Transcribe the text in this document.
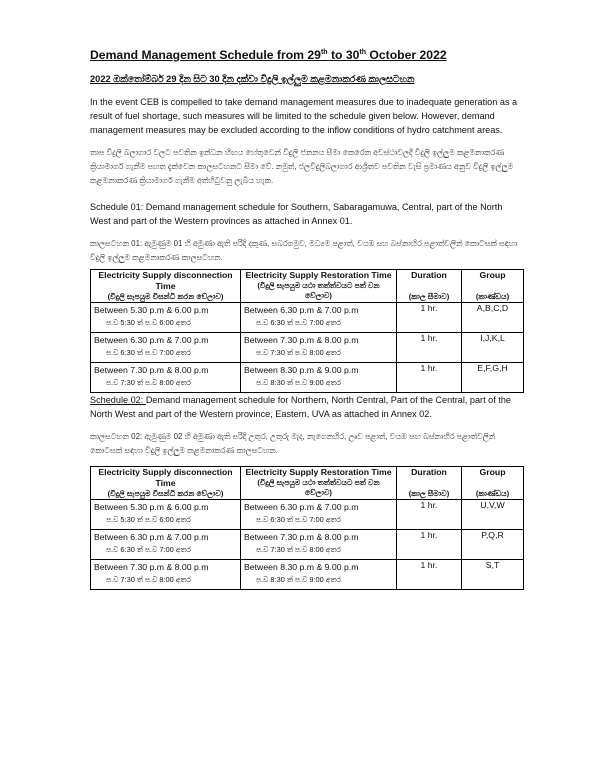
Demand Management Schedule from 29th to 30th October 2022

2022 ඔක්තෝම්බර් 29 දින සිට 30 දින දක්වා විදුලි ඉල්ලුම කළමනාකරණ කාලසටහන

In the event CEB is compelled to take demand management measures due to inadequate generation as a result of fuel shortage, such measures will be limited to the schedule given below. However, demand management measures may be excluded according to the inflow conditions of hydro catchment areas.

තාප විදුලි බලාගාර වලට පවතින ඉන්ධන හිඟය හේතුවෙන් විදුලි ජනනය සීමා කෙරෙන අවස්ථාවලදී විදුලි ඉල්ලුම කළමනාකරණ ක්‍රියාමාර්ග ගැනීම පහත දැක්වෙන කාලසටහනට සීමා වේ. නමුත්, ජලවිදුලිබලාගාර ආශ්‍රිතව පවතින වැසි ප්‍රමාණය අනුව විදුලි ඉල්ලුම කළමනාකරණ ක්‍රියාමාර්ග ගැනීම අත්හිටුවනු ලැබිය හැක.

Schedule 01: Demand management schedule for Southern, Sabaragamuwa, Central, part of the North West and part of the Western provinces as attached in Annex 01.

කාලසටහන 01: ඇමුණුම 01 හි අමුණා ඇති පරිදි දකුණ, සබරගමුව, මධ්‍යම පළාත්, වයඹ සහ බස්නාහිර පළාත්වලින් කොටසක් සඳහා විදුලි ඉල්ලුම කළමනාකරණ කාලසටහන.

Electricity Supply disconnection Time
(විදුලි සැපයුම විසන්ධි කරන වේලාව)	Electricity Supply Restoration Time
(විදුලි සැපයුම යථා තත්ත්වයට පත් වන වේලාව)	Duration
(කාල සීමාව)	Group
(කාණ්ඩය)

Between 5.30 p.m & 6.00 p.m
ප.ව 5:30 ත් ප.ව 6:00 අතර	Between 6.30 p.m & 7.00 p.m
ප.ව 6:30 ත් ප.ව 7:00 අතර	1 hr.	A,B,C,D

Between 6.30 p.m & 7.00 p.m
ප.ව 6:30 ත් ප.ව 7:00 අතර	Between 7.30 p.m & 8.00 p.m
ප.ව 7:30 ත් ප.ව 8:00 අතර	1 hr.	I,J,K,L

Between 7.30 p.m & 8.00 p.m
ප.ව 7:30 ත් ප.ව 8:00 අතර	Between 8.30 p.m & 9.00 p.m
ප.ව 8:30 ත් ප.ව 9:00 අතර	1 hr.	E,F,G,H

Schedule 02: Demand management schedule for Northern, North Central, Part of the Central, part of the North West and part of the Western province, Eastern, UVA as attached in Annex 02.

කාලසටහන 02: ඇමුණුම 02 හි අමුණා ඇති පරිදි උතුර, උතුරු මැද, නැගෙනහිර, ඌව පළාත්, වයඹ සහ බස්නාහිර පළාත්වලින් කොටසක් සඳහා විදුලි ඉල්ලුම කළමනාකරණ කාලසටහන.

Electricity Supply disconnection Time
(විදුලි සැපයුම විසන්ධි කරන වේලාව)	Electricity Supply Restoration Time
(විදුලි සැපයුම යථා තත්ත්වයට පත් වන වේලාව)	Duration
(කාල සීමාව)	Group
(කාණ්ඩය)

Between 5.30 p.m & 6.00 p.m
ප.ව 5:30 ත් ප.ව 6:00 අතර	Between 6.30 p.m & 7.00 p.m
ප.ව 6:30 ත් ප.ව 7:00 අතර	1 hr.	U,V,W

Between 6.30 p.m & 7.00 p.m
ප.ව 6:30 ත් ප.ව 7:00 අතර	Between 7.30 p.m & 8.00 p.m
ප.ව 7:30 ත් ප.ව 8:00 අතර	1 hr.	P,Q,R

Between 7.30 p.m & 8.00 p.m
ප.ව 7:30 ත් ප.ව 8:00 අතර	Between 8.30 p.m & 9.00 p.m
ප.ව 8:30 ත් ප.ව 9:00 අතර	1 hr.	S,T
